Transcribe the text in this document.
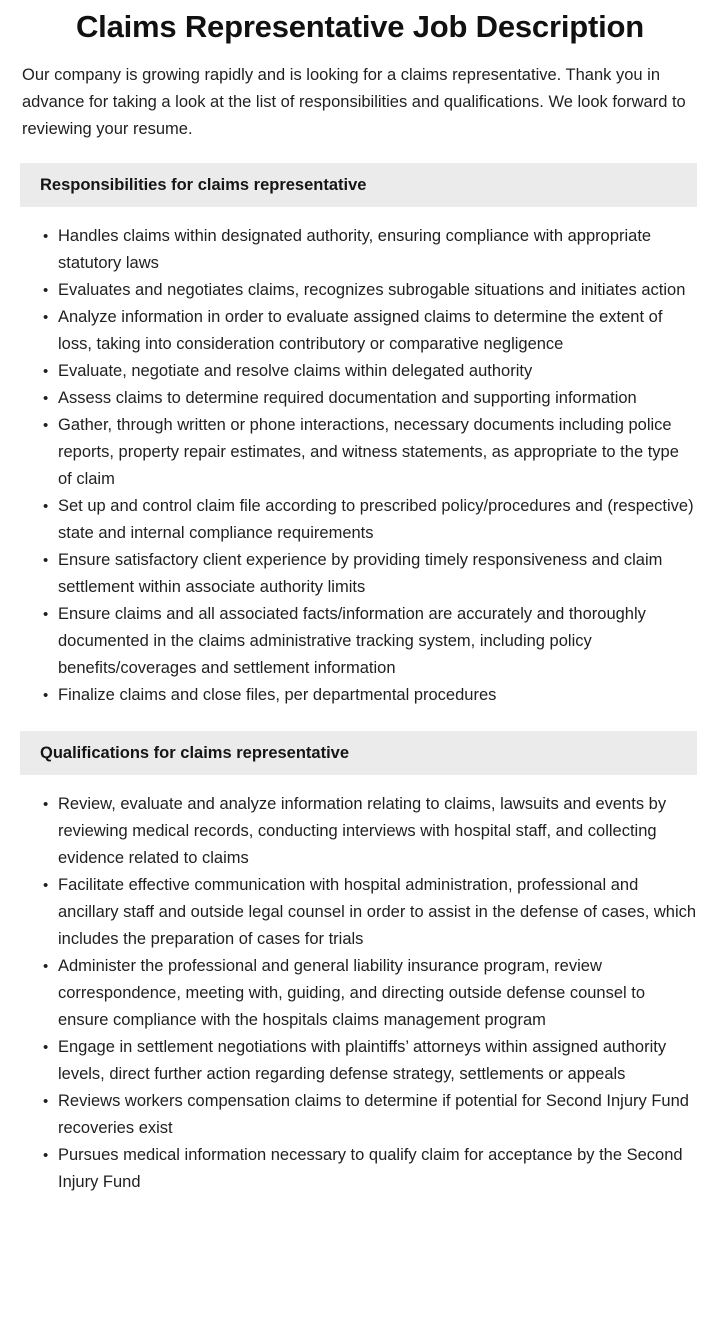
Claims Representative Job Description

Our company is growing rapidly and is looking for a claims representative. Thank you in advance for taking a look at the list of responsibilities and qualifications. We look forward to reviewing your resume.

Responsibilities for claims representative
• Handles claims within designated authority, ensuring compliance with appropriate statutory laws
• Evaluates and negotiates claims, recognizes subrogable situations and initiates action
• Analyze information in order to evaluate assigned claims to determine the extent of loss, taking into consideration contributory or comparative negligence
• Evaluate, negotiate and resolve claims within delegated authority
• Assess claims to determine required documentation and supporting information
• Gather, through written or phone interactions, necessary documents including police reports, property repair estimates, and witness statements, as appropriate to the type of claim
• Set up and control claim file according to prescribed policy/procedures and (respective) state and internal compliance requirements
• Ensure satisfactory client experience by providing timely responsiveness and claim settlement within associate authority limits
• Ensure claims and all associated facts/information are accurately and thoroughly documented in the claims administrative tracking system, including policy benefits/coverages and settlement information
• Finalize claims and close files, per departmental procedures
Qualifications for claims representative
• Review, evaluate and analyze information relating to claims, lawsuits and events by reviewing medical records, conducting interviews with hospital staff, and collecting evidence related to claims
• Facilitate effective communication with hospital administration, professional and ancillary staff and outside legal counsel in order to assist in the defense of cases, which includes the preparation of cases for trials
• Administer the professional and general liability insurance program, review correspondence, meeting with, guiding, and directing outside defense counsel to ensure compliance with the hospitals claims management program
• Engage in settlement negotiations with plaintiffs’ attorneys within assigned authority levels, direct further action regarding defense strategy, settlements or appeals
• Reviews workers compensation claims to determine if potential for Second Injury Fund recoveries exist
• Pursues medical information necessary to qualify claim for acceptance by the Second Injury Fund
